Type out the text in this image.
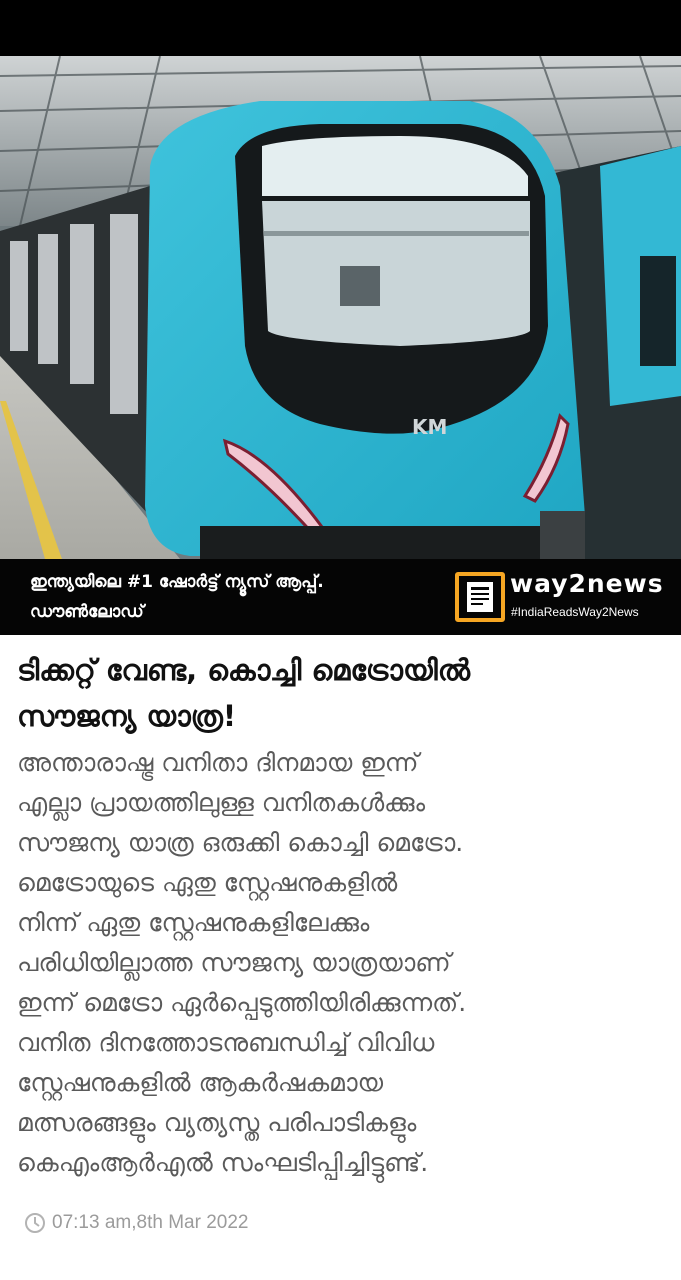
KM
ഇന്ത്യയിലെ #1 ഷോർട്ട് ന്യൂസ് ആപ്പ്.
ഡൗൺലോഡ്
way2news
#IndiaReadsWay2News
ടിക്കറ്റ് വേണ്ട, കൊച്ചി മെട്രോയിൽ
സൗജന്യ യാത്ര!
അന്താരാഷ്ട്ര വനിതാ ദിനമായ ഇന്ന്
എല്ലാ പ്രായത്തിലുള്ള വനിതകൾക്കും
സൗജന്യ യാത്ര ഒരുക്കി കൊച്ചി മെട്രോ.
മെട്രോയുടെ ഏതു സ്റ്റേഷനുകളിൽ
നിന്ന് ഏതു സ്റ്റേഷനുകളിലേക്കും
പരിധിയില്ലാത്ത സൗജന്യ യാത്രയാണ്
ഇന്ന് മെട്രോ ഏർപ്പെടുത്തിയിരിക്കുന്നത്.
വനിത ദിനത്തോടനുബന്ധിച്ച് വിവിധ
സ്റ്റേഷനുകളിൽ ആകർഷകമായ
മത്സരങ്ങളും വ്യത്യസ്ത പരിപാടികളും
കെഎംആർഎൽ സംഘടിപ്പിച്ചിട്ടുണ്ട്.
07:13 am,8th Mar 2022
